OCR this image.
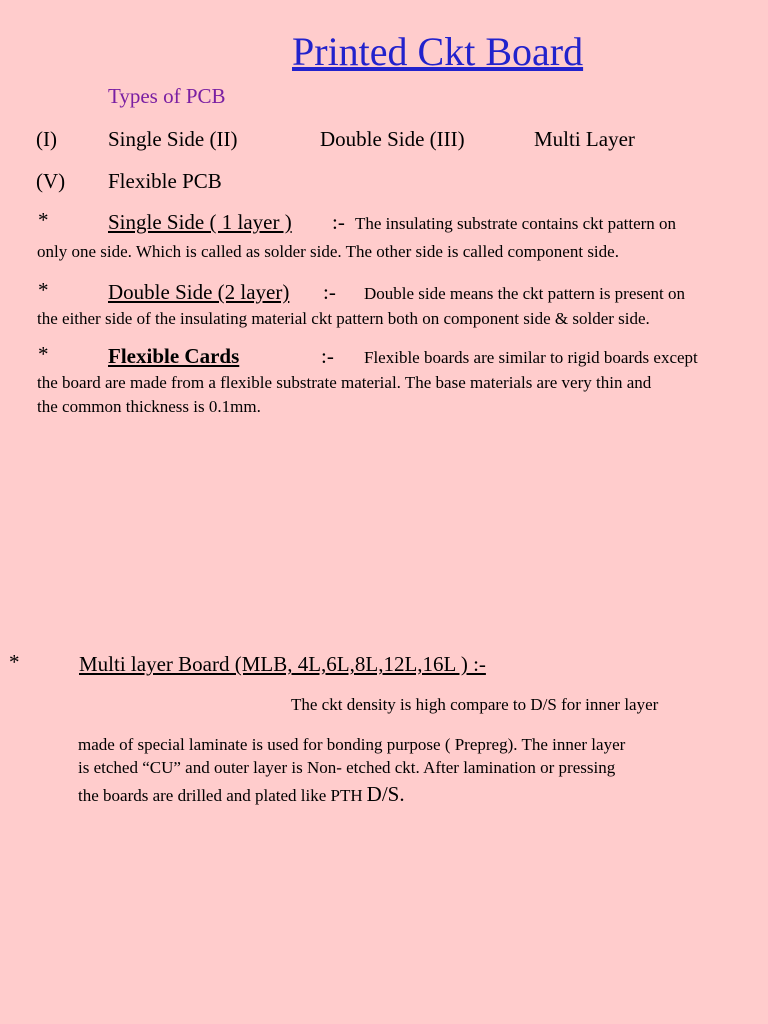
Printed Ckt Board
Types of PCB
(I) Single Side (II)	Double Side (III)	Multi Layer
(V) Flexible PCB
*	Single Side ( 1 layer ) :- The insulating substrate contains ckt pattern on
only one side. Which is called as solder side. The other side is called component side.
*	Double Side (2 layer) :- Double side means the ckt pattern is present on
the either side of the insulating material ckt pattern both on component side & solder side.
*	Flexible Cards	:- Flexible boards are similar to rigid boards except
the board are made from a flexible substrate material. The base materials are very thin and
the common thickness is 0.1mm.
*	Multi layer Board (MLB, 4L,6L,8L,12L,16L ) :-
The ckt density is high compare to D/S for inner layer
made of special laminate is used for bonding purpose ( Prepreg). The inner layer
is etched “CU” and outer layer is Non- etched ckt. After lamination or pressing
the boards are drilled and plated like PTH D/S.
